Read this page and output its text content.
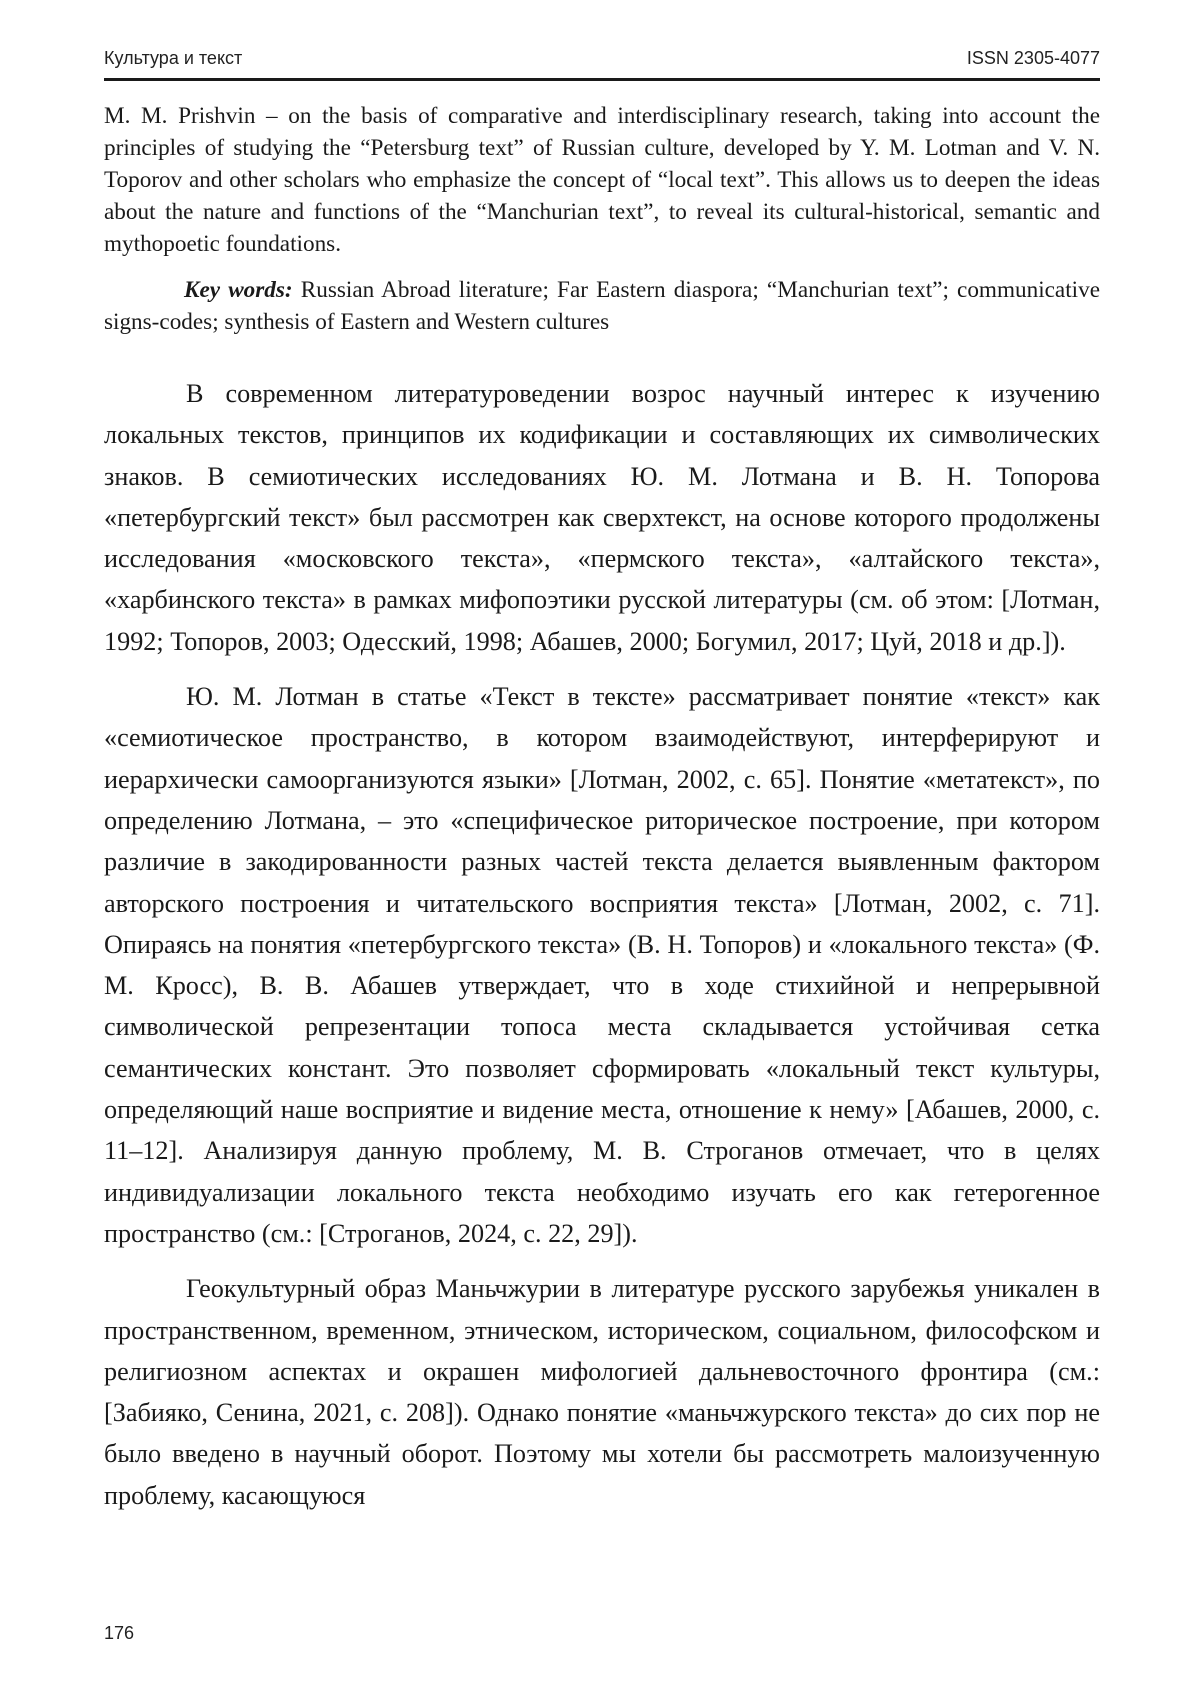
Культура и текст	ISSN 2305-4077

M. M. Prishvin – on the basis of comparative and interdisciplinary research, taking into account the principles of studying the “Petersburg text” of Russian culture, developed by Y. M. Lotman and V. N. Toporov and other scholars who emphasize the concept of “local text”. This allows us to deepen the ideas about the nature and functions of the “Manchurian text”, to reveal its cultural-historical, semantic and mythopoetic foundations.

Key words: Russian Abroad literature; Far Eastern diaspora; “Manchurian text”; communicative signs-codes; synthesis of Eastern and Western cultures

В современном литературоведении возрос научный интерес к изучению локальных текстов, принципов их кодификации и составляющих их символических знаков. В семиотических исследованиях Ю. М. Лотмана и В. Н. Топорова «петербургский текст» был рассмотрен как сверхтекст, на основе которого продолжены исследования «московского текста», «пермского текста», «алтайского текста», «харбинского текста» в рамках мифопоэтики русской литературы (см. об этом: [Лотман, 1992; Топоров, 2003; Одесский, 1998; Абашев, 2000; Богумил, 2017; Цуй, 2018 и др.]).

Ю. М. Лотман в статье «Текст в тексте» рассматривает понятие «текст» как «семиотическое пространство, в котором взаимодействуют, интерферируют и иерархически самоорганизуются языки» [Лотман, 2002, с. 65]. Понятие «метатекст», по определению Лотмана, – это «специфическое риторическое построение, при котором различие в закодированности разных частей текста делается выявленным фактором авторского построения и читательского восприятия текста» [Лотман, 2002, с. 71]. Опираясь на понятия «петербургского текста» (В. Н. Топоров) и «локального текста» (Ф. М. Кросс), В. В. Абашев утверждает, что в ходе стихийной и непрерывной символической репрезентации топоса места складывается устойчивая сетка семантических констант. Это позволяет сформировать «локальный текст культуры, определяющий наше восприятие и видение места, отношение к нему» [Абашев, 2000, с. 11–12]. Анализируя данную проблему, М. В. Строганов отмечает, что в целях индивидуализации локального текста необходимо изучать его как гетерогенное пространство (см.: [Строганов, 2024, с. 22, 29]).

Геокультурный образ Маньчжурии в литературе русского зарубежья уникален в пространственном, временном, этническом, историческом, социальном, философском и религиозном аспектах и окрашен мифологией дальневосточного фронтира (см.: [Забияко, Сенина, 2021, с. 208]). Однако понятие «маньчжурского текста» до сих пор не было введено в научный оборот. Поэтому мы хотели бы рассмотреть малоизученную проблему, касающуюся

176
